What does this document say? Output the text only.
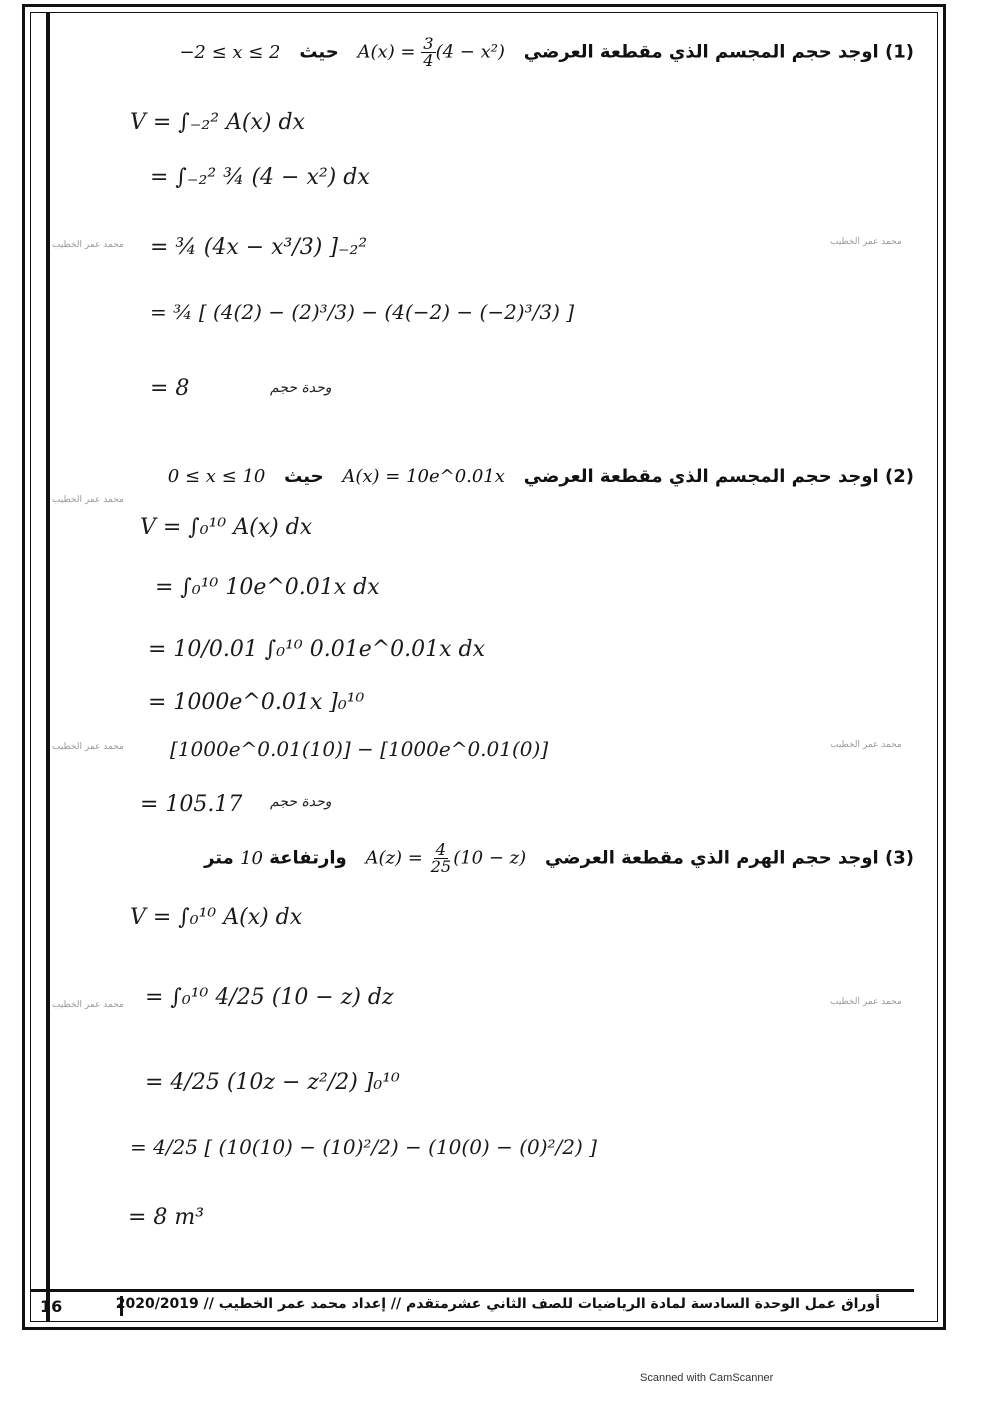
(1) اوجد حجم المجسم الذي مقطعة العرضي   $A(x) = \frac{3}{4} (4 - x^2)$   حيث   −2 ≤ x ≤ 2
V = ∫₋₂² A(x) dx
= ∫₋₂² ¾ (4 − x²) dx
= ¾ (4x − x³/3) ]₋₂²
= ¾ [ (4(2) − (2)³/3) − (4(−2) − (−2)³/3) ]
= 8	وحدة حجم
(2) اوجد حجم المجسم الذي مقطعة العرضي   A(x) = 10e^0.01x   حيث   0 ≤ x ≤ 10
V = ∫₀¹⁰ A(x) dx
= ∫₀¹⁰ 10e^0.01x dx
= 10/0.01 ∫₀¹⁰ 0.01e^0.01x dx
= 1000e^0.01x ]₀¹⁰
[1000e^0.01(10)] − [1000e^0.01(0)]
= 105.17 وحدة حجم
(3) اوجد حجم الهرم الذي مقطعة العرضي   $A(z) = \frac{4}{25} (10 - z)$   وارتفاعة 10 متر
V = ∫₀¹⁰ A(x) dx
= ∫₀¹⁰ 4/25 (10 − z) dz
= 4/25 (10z − z²/2) ]₀¹⁰
= 4/25 [ (10(10) − (10)²/2) − (10(0) − (0)²/2) ]
= 8 m³
محمد عمر الخطيب	محمد عمر الخطيب
محمد عمر الخطيب
محمد عمر الخطيب	محمد عمر الخطيب
محمد عمر الخطيب	محمد عمر الخطيب
16	أوراق عمل الوحدة السادسة لمادة الرياضيات للصف الثاني عشرمتقدم // إعداد محمد عمر الخطيب // 2020/2019
Scanned with CamScanner
